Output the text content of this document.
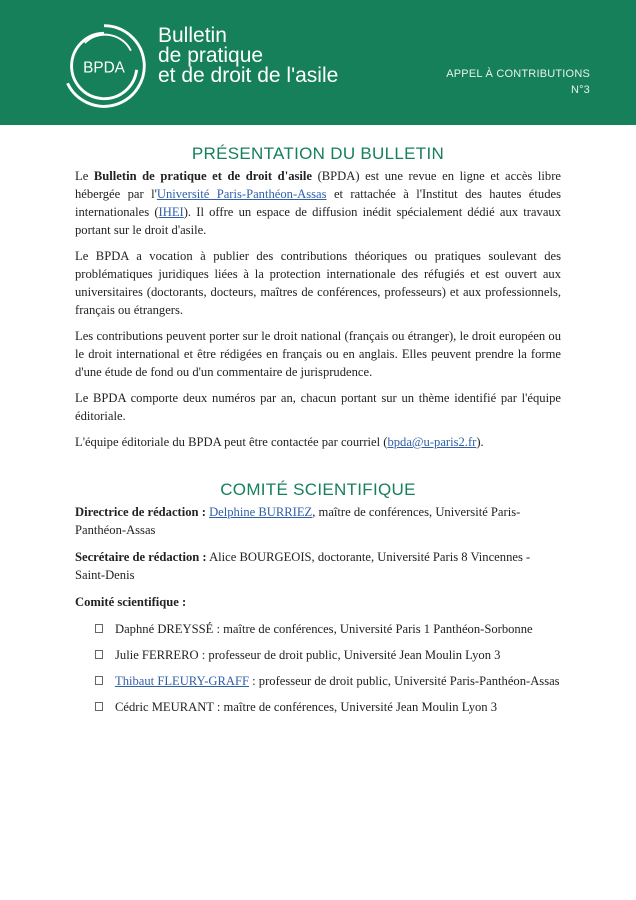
BPDA
Bulletin
de pratique
et de droit de l'asile	APPEL À CONTRIBUTIONS
N°3
PRÉSENTATION DU BULLETIN

Le Bulletin de pratique et de droit d'asile (BPDA) est une revue en ligne et accès libre hébergée par l'Université Paris-Panthéon-Assas et rattachée à l'Institut des hautes études internationales (IHEI). Il offre un espace de diffusion inédit spécialement dédié aux travaux portant sur le droit d'asile.

Le BPDA a vocation à publier des contributions théoriques ou pratiques soulevant des problématiques juridiques liées à la protection internationale des réfugiés et est ouvert aux universitaires (doctorants, docteurs, maîtres de conférences, professeurs) et aux professionnels, français ou étrangers.

Les contributions peuvent porter sur le droit national (français ou étranger), le droit européen ou le droit international et être rédigées en français ou en anglais. Elles peuvent prendre la forme d'une étude de fond ou d'un commentaire de jurisprudence.

Le BPDA comporte deux numéros par an, chacun portant sur un thème identifié par l'équipe éditoriale.

L'équipe éditoriale du BPDA peut être contactée par courriel (bpda@u-paris2.fr).

COMITÉ SCIENTIFIQUE

Directrice de rédaction : Delphine BURRIEZ, maître de conférences, Université Paris-Panthéon-Assas

Secrétaire de rédaction : Alice BOURGEOIS, doctorante, Université Paris 8 Vincennes - Saint-Denis

Comité scientifique :

Daphné DREYSSÉ : maître de conférences, Université Paris 1 Panthéon-Sorbonne
Julie FERRERO : professeur de droit public, Université Jean Moulin Lyon 3
Thibaut FLEURY-GRAFF : professeur de droit public, Université Paris-Panthéon-Assas
Cédric MEURANT : maître de conférences, Université Jean Moulin Lyon 3
